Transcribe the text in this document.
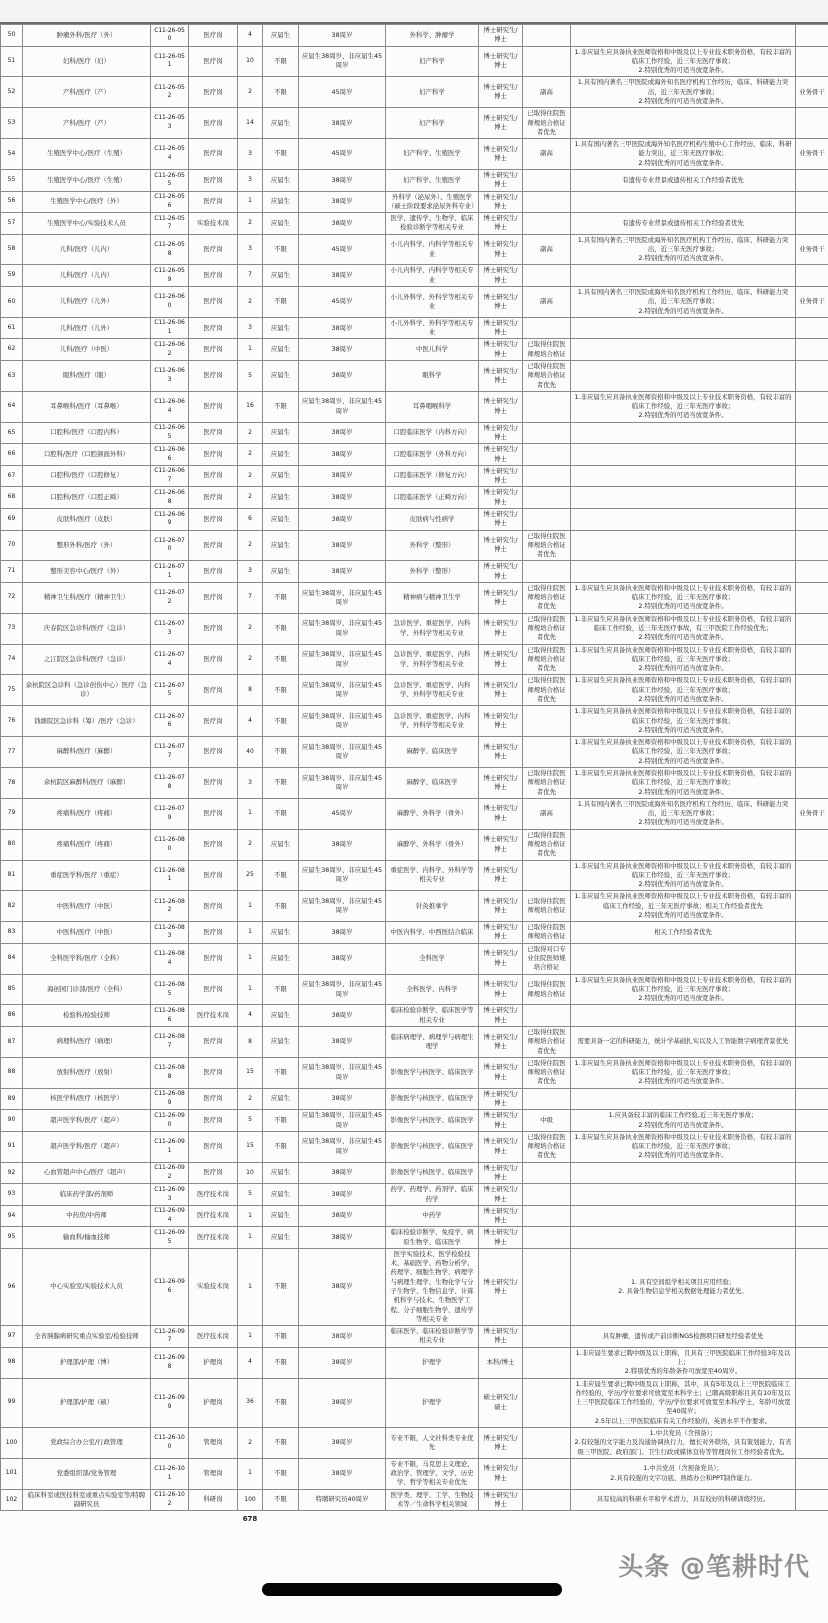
50	肿瘤外科/医疗（外）	C11-26-050	医疗岗	4	应届生	38周岁	外科学、肿瘤学	博士研究生/博士			
51	妇科/医疗（妇）	C11-26-051	医疗岗	10	不限	应届生38周岁、非应届生45周岁	妇产科学	博士研究生/博士		1.非应届生应具备执业医师资格和中级及以上专业技术职务资格，有较丰富的临床工作经验，近三年无医疗事故；
2.特别优秀的可适当放宽条件。	

52	产科/医疗（产）	C11-26-052	医疗岗	2	不限	45周岁	妇产科学	博士研究生/博士	副高	1.具有国内著名三甲医院或海外知名医疗机构工作经历，临床、科研能力突出，近三年无医疗事故；
2.特别优秀的可适当放宽条件。	业务骨干
53	产科/医疗（产）	C11-26-053	医疗岗	14	应届生	38周岁	妇产科学	博士研究生/博士	已取得住院医师规培合格证者优先		
54	生殖医学中心/医疗（生殖）	C11-26-054	医疗岗	3	不限	45周岁	妇产科学、生殖医学	博士研究生/博士	副高	1.具有国内著名三甲医院或海外知名医疗机构生殖中心工作经历、临床、科研能力突出，近三年无医疗事故；
2.特别优秀的可适当放宽条件。	业务骨干
55	生殖医学中心/医疗（生殖）	C11-26-055	医疗岗	3	应届生	38周岁	妇产科学、生殖医学	博士研究生/博士		有遗传专业背景或遗传相关工作经验者优先	

56	生殖医学中心/医疗（外）	C11-26-056	医疗岗	1	应届生	38周岁	外科学（泌尿外）、生殖医学（硕士阶段要求泌尿外科专业）	博士研究生/博士			
57	生殖医学中心/实验技术人员	C11-26-057	实验技术岗	2	应届生	38周岁	医学、遗传学、生物学、临床检验诊断学等相关专业	博士研究生/博士		有遗传专业背景或遗传相关工作经验者优先	

58	儿科/医疗（儿内）	C11-26-058	医疗岗	3	不限	45周岁	小儿内科学、内科学等相关专业	博士研究生/博士	副高	1.具有国内著名三甲医院或海外知名医疗机构工作经历、临床、科研能力突出，近三年无医疗事故；
2.特别优秀的可适当放宽条件。	业务骨干
59	儿科/医疗（儿内）	C11-26-059	医疗岗	7	应届生	38周岁	小儿内科学、内科学等相关专业	博士研究生/博士			
60	儿科/医疗（儿外）	C11-26-060	医疗岗	2	不限	45周岁	小儿外科学、外科学等相关专业	博士研究生/博士	副高	1.具有国内著名三甲医院或海外知名医疗机构工作经历、临床、科研能力突出，近三年无医疗事故；
2.特别优秀的可适当放宽条件。	业务骨干
61	儿科/医疗（儿外）	C11-26-061	医疗岗	3	应届生	38周岁	小儿外科学、外科学等相关专业	博士研究生/博士			
62	儿科/医疗（中医）	C11-26-062	医疗岗	1	应届生	38周岁	中医儿科学	博士研究生/博士	已取得住院医师规培合格证		
63	眼科/医疗（眼）	C11-26-063	医疗岗	5	应届生	38周岁	眼科学	博士研究生/博士	已取得住院医师规培合格证者优先		
64	耳鼻喉科/医疗（耳鼻喉）	C11-26-064	医疗岗	16	不限	应届生38周岁、非应届生45周岁	耳鼻咽喉科学	博士研究生/博士		1.非应届生应具备执业医师资格和中级及以上专业技术职务资格，有较丰富的临床工作经验，近三年无医疗事故；
2.特别优秀的可适当放宽条件。	

65	口腔科/医疗（口腔内科）	C11-26-065	医疗岗	2	应届生	38周岁	口腔临床医学（内科方向）	博士研究生/博士			
66	口腔科/医疗（口腔颌面外科）	C11-26-066	医疗岗	2	应届生	38周岁	口腔临床医学（外科方向）	博士研究生/博士			
67	口腔科/医疗（口腔修复）	C11-26-067	医疗岗	2	应届生	38周岁	口腔临床医学（修复方向）	博士研究生/博士			
68	口腔科/医疗（口腔正畸）	C11-26-068	医疗岗	2	应届生	38周岁	口腔临床医学（正畸方向）	博士研究生/博士			
69	皮肤科/医疗（皮肤）	C11-26-069	医疗岗	6	应届生	38周岁	皮肤病与性病学	博士研究生/博士			
70	整形外科/医疗（外）	C11-26-070	医疗岗	2	应届生	38周岁	外科学（整形）	博士研究生/博士	已取得住院医师规培合格证者优先		
71	整形美容中心/医疗（外）	C11-26-071	医疗岗	3	应届生	38周岁	外科学（整形）	博士研究生/博士			
72	精神卫生科/医疗（精神卫生）	C11-26-072	医疗岗	7	不限	应届生38周岁、非应届生45周岁	精神病与精神卫生学	博士研究生/博士	已取得住院医师规培合格证者优先	1.非应届生应具备执业医师资格和中级及以上专业技术职务资格，有较丰富的临床工作经验，近三年无医疗事故；
2.特别优秀的可适当放宽条件。	

73	庆春院区急诊科/医疗（急诊）	C11-26-073	医疗岗	2	不限	应届生38周岁、非应届生45周岁	急诊医学、重症医学、内科学、外科学等相关专业	博士研究生/博士	已取得住院医师规培合格证者优先	1.非应届生应具备执业医师资格和中级及以上专业技术职务资格，有较丰富的临床工作经验，近三年无医疗事故，有三甲医院工作经验优先；
2.特别优秀的可适当放宽条件。	

74	之江院区急诊科/医疗（急诊）	C11-26-074	医疗岗	2	不限	应届生38周岁、非应届生45周岁	急诊医学、重症医学、内科学、外科学等相关专业	博士研究生/博士	已取得住院医师规培合格证者优先	1.非应届生应具备执业医师资格和中级及以上专业技术职务资格，有较丰富的临床工作经验，近三年无医疗事故；
2.特别优秀的可适当放宽条件。	

75	余杭院区急诊科（急诊创伤中心）医疗（急诊）	C11-26-075	医疗岗	8	不限	应届生38周岁、非应届生45周岁	急诊医学、重症医学、内科学、外科学等相关专业	博士研究生/博士	已取得住院医师规培合格证者优先	1.非应届生应具备执业医师资格和中级及以上专业技术职务资格，有较丰富的临床工作经验，近三年无医疗事故；
2.特别优秀的可适当放宽条件。	

76	钱塘院区急诊科（筹）/医疗（急诊）	C11-26-076	医疗岗	4	不限	应届生38周岁、非应届生45周岁	急诊医学、重症医学、内科学、外科学等相关专业	博士研究生/博士		1.非应届生应具备执业医师资格和中级及以上专业技术职务资格，有较丰富的临床工作经验，近三年无医疗事故；
2.特别优秀的可适当放宽条件。	

77	麻醉科/医疗（麻醉）	C11-26-077	医疗岗	40	不限	应届生38周岁、非应届生45周岁	麻醉学、临床医学	博士研究生/博士		1.非应届生应具备执业医师资格和中级及以上专业技术职务资格，有较丰富的临床工作经验，近三年无医疗事故；
2.特别优秀的可适当放宽条件。	

78	余杭院区麻醉科/医疗（麻醉）	C11-26-078	医疗岗	3	不限	应届生38周岁、非应届生45周岁	麻醉学、临床医学	博士研究生/博士	已取得住院医师规培合格证者优先	1.非应届生应具备执业医师资格和中级及以上专业技术职务资格，有较丰富的临床工作经验，近三年无医疗事故；
2.特别优秀的可适当放宽条件。	

79	疼痛科/医疗（疼痛）	C11-26-079	医疗岗	1	不限	45周岁	麻醉学、外科学（骨外）	博士研究生/博士	副高	1.具有国内著名三甲医院或海外知名医疗机构工作经历、临床、科研能力突出，近三年无医疗事故；
2.特别优秀的可适当放宽条件。	业务骨干
80	疼痛科/医疗（疼痛）	C11-26-080	医疗岗	2	应届生	38周岁	麻醉学、外科学（骨外）	博士研究生/博士	已取得住院医师规培合格证者优先		
81	重症医学科/医疗（重症）	C11-26-081	医疗岗	25	不限	应届生38周岁、非应届生45周岁	重症医学、内科学、外科学等相关专业	博士研究生/博士		1.非应届生应具备执业医师资格和中级及以上专业技术职务资格，有较丰富的临床工作经验，近三年无医疗事故；
2.特别优秀的可适当放宽条件。	

82	中医科/医疗（中医）	C11-26-082	医疗岗	1	不限	应届生38周岁、非应届生45周岁	针灸推拿学	博士研究生/博士	已取得住院医师规培合格证	1.非应届生应具备执业医师资格和中级及以上专业技术职务资格，有较丰富的临床工作经验，近三年无医疗事故；相关工作经验者优先
2.特别优秀的可适当放宽条件。	

83	中医科/医疗（中医）	C11-26-083	医疗岗	1	应届生	38周岁	中医内科学、中西医结合临床	博士研究生/博士	已取得住院医师规培合格证	相关工作经验者优先	

84	全科医学科/医疗（全科）	C11-26-084	医疗岗	1	应届生	38周岁	全科医学	博士研究生/博士	已取得对口专业住院医师规培合格证		
85	海创园门诊部/医疗（全科）	C11-26-085	医疗岗	1	不限	应届生38周岁、非应届生45周岁	全科医学、内科学	博士研究生/博士	已取得住院医师规培合格证	1.非应届生应具备执业医师资格和中级及以上专业技术职务资格，有较丰富的临床工作经验，近三年无医疗事故；
2.特别优秀的可适当放宽条件。	

86	检验科/检验技师	C11-26-086	医疗技术岗	4	应届生	38周岁	临床检验诊断学、临床医学等相关专业	博士研究生/博士			
87	病理科/医疗（病理）	C11-26-087	医疗岗	8	应届生	38周岁	临床病理学、病理学与病理生理学	博士研究生/博士	已取得住院医师规培合格证者优先	需要具备一定的科研能力，统计学基础扎实以及人工智能数字病理背景优先	

88	放射科/医疗（放射）	C11-26-088	医疗岗	15	不限	应届生38周岁、非应届生45周岁	影像医学与核医学、临床医学	博士研究生/博士	已取得住院医师规培合格证者优先	1.非应届生应具备执业医师资格和中级及以上专业技术职务资格，有较丰富的临床工作经验，近三年无医疗事故；
2.特别优秀的可适当放宽条件。	

89	核医学科/医疗（核医学）	C11-26-089	医疗岗	2	应届生	38周岁	影像医学与核医学、临床医学	博士研究生/博士			
90	超声医学科/医疗（超声）	C11-26-090	医疗岗	5	不限	应届生38周岁、非应届生45周岁	影像医学与核医学、临床医学	博士研究生/博士	中级	1.应具备较丰富的临床工作经验,近三年无医疗事故；
2.特别优秀的可适当放宽条件。	

91	超声医学科/医疗（超声）	C11-26-091	医疗岗	15	不限	应届生38周岁、非应届生45周岁	影像医学与核医学、临床医学	博士研究生/博士	已取得住院医师规培合格证者优先	1.非应届生应具备执业医师资格和中级及以上专业技术职务资格，有较丰富的临床工作经验，近三年无医疗事故；
2.特别优秀的可适当放宽条件。	

92	心血管超声中心/医疗（超声）	C11-26-092	医疗岗	10	应届生	38周岁	影像医学与核医学、临床医学	博士研究生/博士			
93	临床药学部/药剂师	C11-26-093	医疗技术岗	5	应届生	38周岁	药学、药理学、药剂学、临床药学	博士研究生/博士			
94	中药房/中药师	C11-26-094	医疗技术岗	1	应届生	38周岁	中药学	博士研究生/博士			
95	输血科/输血技师	C11-26-095	医疗技术岗	1	应届生	38周岁	临床检验诊断学、免疫学、病原生物学、临床医学	博士研究生/博士			
96	中心实验室/实验技术人员	C11-26-096	实验技术岗	1	不限	38周岁	医学实验技术、医学检验技术、基础医学、药物分析学、药理学、细胞生物学、病理学与病理生理学、生物化学与分子生物学、生物信息学、计算机科学与技术、生物医学工程、分子细胞生物学、遗传学等相关专业	博士研究生/博士		1. 具有空间组学相关项目应用经验；
2. 具备生物信息学相关数据处理能力者优先。	

97	全省胰腺病研究重点实验室/检验技师	C11-26-097	医疗技术岗	1	不限	38周岁	临床医学、临床检验诊断学等相关专业	博士研究生/博士		具有肿瘤、遗传或产前诊断NGS检测项目研发经验者优先	

98	护理部/护理（博）	C11-26-098	护理岗	4	不限	38周岁	护理学	本科/博士		1.非应届生要求已聘中级及以上职称，且具有三甲医院临床工作经验3年及以上；
2.特别优秀的年龄条件可放宽至40周岁。	

99	护理部/护理（硕）	C11-26-099	护理岗	36	不限	38周岁	护理学	硕士研究生/硕士		1.非应届生要求已聘中级及以上职称，其中，具有5年及以上三甲医院临床工作经验的，学历/学位要求可放宽至本科学士；已聘高级职称且具有10年及以上三甲医院临床工作经验的，学历/学位要求可放宽至本科/学士，年龄可放宽至40周岁；
2.5年以上三甲医院临床有关工作经验的，英语水平不作要求。	

100	党政综合办公室/行政管理	C11-26-100	管理岗	2	不限	38周岁	专业不限，人文社科类专业优先	博士研究生/博士		1.中共党员（含预备）；
2.有较强的文字能力及沟通协调执行力，擅长对外联络，具有策划能力，有省级三甲医院、政府部门、卫生行政或媒体宣传等管理岗位工作经验者优先。	

101	党委组织部/党务管理	C11-26-101	管理岗	1	不限	38周岁	专业不限，马克思主义理论、政治学、管理学、文学、历史学、哲学等相关专业优先	博士研究生/博士		1.中共党员（含预备党员）；
2.具有较强的文字功底、熟练办公和PPT制作能力。	

102	临床科室或医技科室或重点实验室等/特聘副研究员	C11-26-102	科研岗	100	不限	特聘研究员40周岁	医学类、理学、工学、生物技术等／生命科学相关领域	博士研究生/博士		具有较高的科研水平和学术潜力，具有较好的科研训练经历。	

				678							
头条 @笔耕时代
